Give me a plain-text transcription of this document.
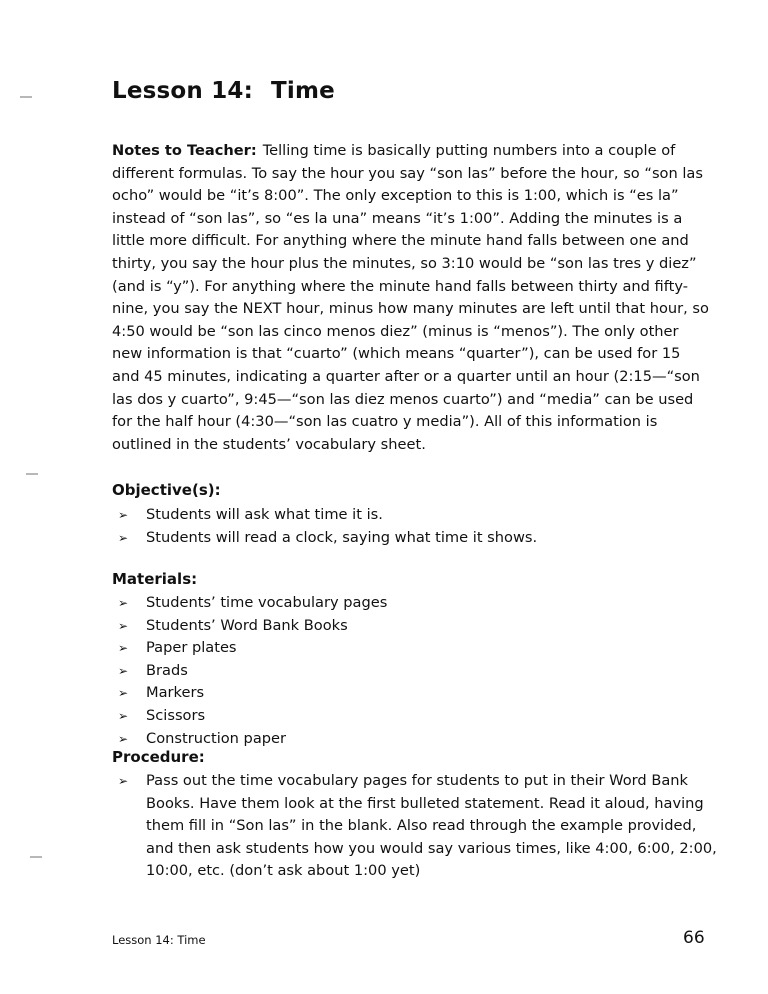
Lesson 14: Time
Notes to Teacher: Telling time is basically putting numbers into a couple of different formulas. To say the hour you say “son las” before the hour, so “son las ocho” would be “it’s 8:00”. The only exception to this is 1:00, which is “es la” instead of “son las”, so “es la una” means “it’s 1:00”. Adding the minutes is a little more difficult. For anything where the minute hand falls between one and thirty, you say the hour plus the minutes, so 3:10 would be “son las tres y diez” (and is “y”). For anything where the minute hand falls between thirty and fifty-nine, you say the NEXT hour, minus how many minutes are left until that hour, so 4:50 would be “son las cinco menos diez” (minus is “menos”). The only other new information is that “cuarto” (which means “quarter”), can be used for 15 and 45 minutes, indicating a quarter after or a quarter until an hour (2:15—“son las dos y cuarto”, 9:45—“son las diez menos cuarto”) and “media” can be used for the half hour (4:30—“son las cuatro y media”). All of this information is outlined in the students’ vocabulary sheet.
Objective(s):
➢ Students will ask what time it is.
➢ Students will read a clock, saying what time it shows.
Materials:
➢ Students’ time vocabulary pages
➢ Students’ Word Bank Books
➢ Paper plates
➢ Brads
➢ Markers
➢ Scissors
➢ Construction paper
Procedure:
➢ Pass out the time vocabulary pages for students to put in their Word Bank Books. Have them look at the first bulleted statement. Read it aloud, having them fill in “Son las” in the blank. Also read through the example provided, and then ask students how you would say various times, like 4:00, 6:00, 2:00, 10:00, etc. (don’t ask about 1:00 yet)
Lesson 14: Time	66
